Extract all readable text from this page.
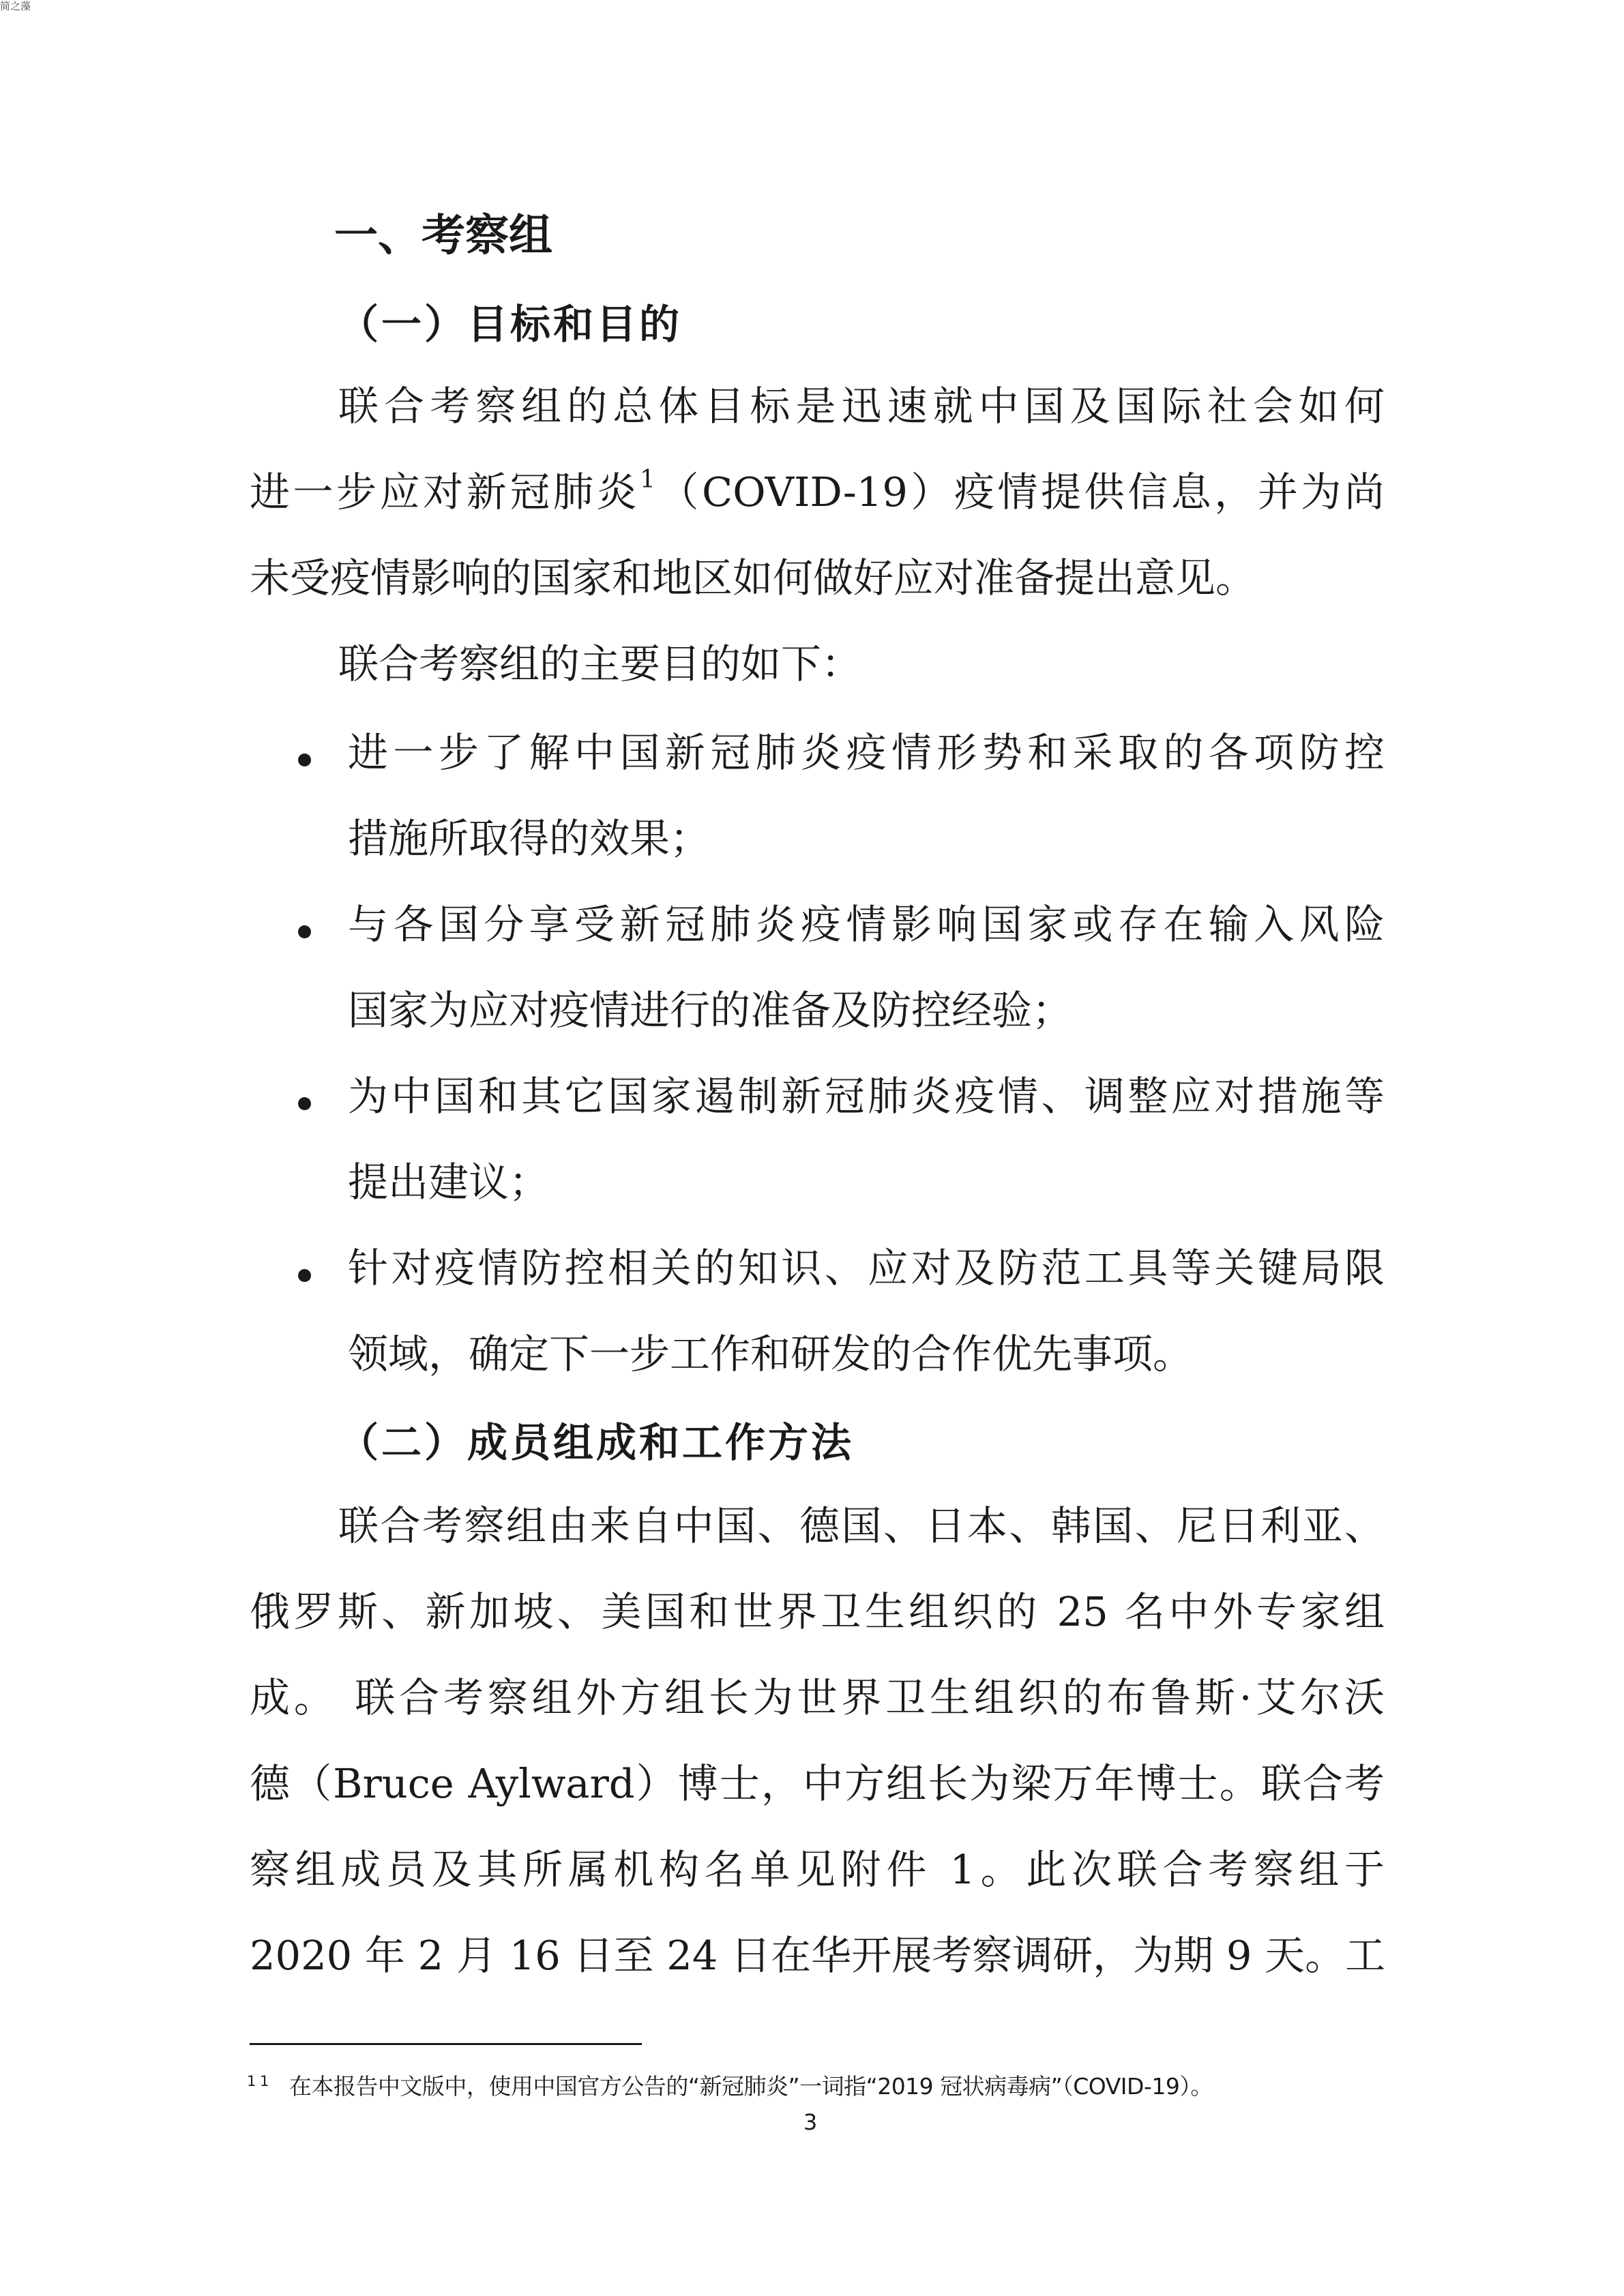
简之藻
一、考察组
（一）目标和目的
联合考察组的总体目标是迅速就中国及国际社会如何
进一步应对新冠肺炎$^1$（COVID-19）疫情提供信息，并为尚
未受疫情影响的国家和地区如何做好应对准备提出意见。
联合考察组的主要目的如下：
进一步了解中国新冠肺炎疫情形势和采取的各项防控
措施所取得的效果；
与各国分享受新冠肺炎疫情影响国家或存在输入风险
国家为应对疫情进行的准备及防控经验；
为中国和其它国家遏制新冠肺炎疫情、调整应对措施等
提出建议；
针对疫情防控相关的知识、应对及防范工具等关键局限
领域，确定下一步工作和研发的合作优先事项。
（二）成员组成和工作方法
联合考察组由来自中国、德国、日本、韩国、尼日利亚、
俄罗斯、新加坡、美国和世界卫生组织的 25 名中外专家组
成。 联合考察组外方组长为世界卫生组织的布鲁斯·艾尔沃
德（Bruce Aylward）博士，中方组长为梁万年博士。联合考
察组成员及其所属机构名单见附件 1。此次联合考察组于
2020 年 2 月 16 日至 24 日在华开展考察调研，为期 9 天。工
$^{1 1}$ 在本报告中文版中，使用中国官方公告的“新冠肺炎”一词指“2019 冠状病毒病”（COVID-19）。
3
